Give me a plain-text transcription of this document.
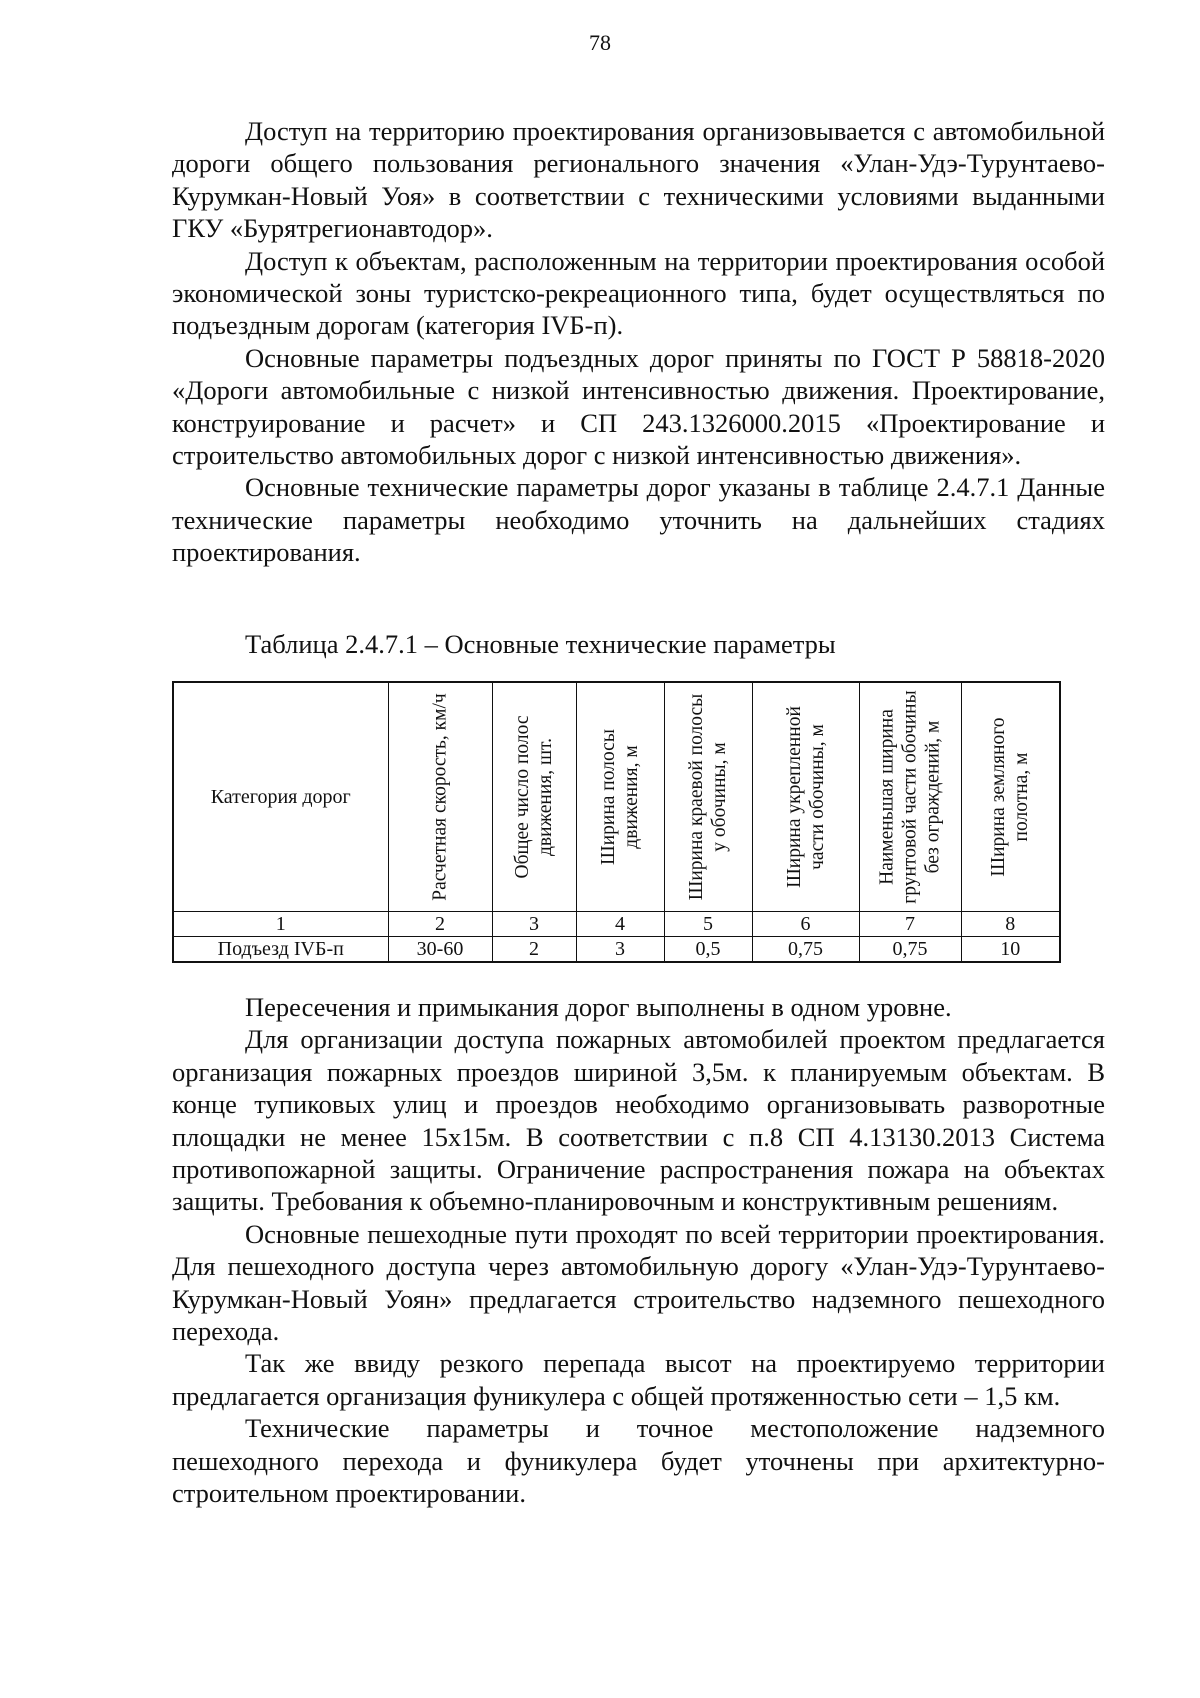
78

Доступ на территорию проектирования организовывается с автомобильной дороги общего пользования регионального значения «Улан-Удэ-Турунтаево-Курумкан-Новый Уоя» в соответствии с техническими условиями выданными ГКУ «Бурятрегионавтодор».

Доступ к объектам, расположенным на территории проектирования особой экономической зоны туристско-рекреационного типа, будет осуществляться по подъездным дорогам (категория IVБ-п).

Основные параметры подъездных дорог приняты по ГОСТ Р 58818-2020 «Дороги автомобильные с низкой интенсивностью движения. Проектирование, конструирование и расчет» и СП 243.1326000.2015 «Проектирование и строительство автомобильных дорог с низкой интенсивностью движения».

Основные технические параметры дорог указаны в таблице 2.4.7.1 Данные технические параметры необходимо уточнить на дальнейших стадиях проектирования.

Таблица 2.4.7.1 – Основные технические параметры
Категория дорог	Расчетная скорость, км/ч	Общее число полос движения, шт.	Ширина полосы движения, м	Ширина краевой полосы у обочины, м	Ширина укрепленной части обочины, м	Наименьшая ширина грунтовой части обочины без ограждений, м	Ширина земляного полотна, м

1	2	3	4	5	6	7	8
Подъезд IVБ-п	30-60	2	3	0,5	0,75	0,75	10

Пересечения и примыкания дорог выполнены в одном уровне.

Для организации доступа пожарных автомобилей проектом предлагается организация пожарных проездов шириной 3,5м. к планируемым объектам. В конце тупиковых улиц и проездов необходимо организовывать разворотные площадки не менее 15х15м. В соответствии с п.8 СП 4.13130.2013 Система противопожарной защиты. Ограничение распространения пожара на объектах защиты. Требования к объемно-планировочным и конструктивным решениям.

Основные пешеходные пути проходят по всей территории проектирования. Для пешеходного доступа через автомобильную дорогу «Улан-Удэ-Турунтаево-Курумкан-Новый Уоян» предлагается строительство надземного пешеходного перехода.

Так же ввиду резкого перепада высот на проектируемо территории предлагается организация фуникулера с общей протяженностью сети – 1,5 км.

Технические параметры и точное местоположение надземного пешеходного перехода и фуникулера будет уточнены при архитектурно-строительном проектировании.
